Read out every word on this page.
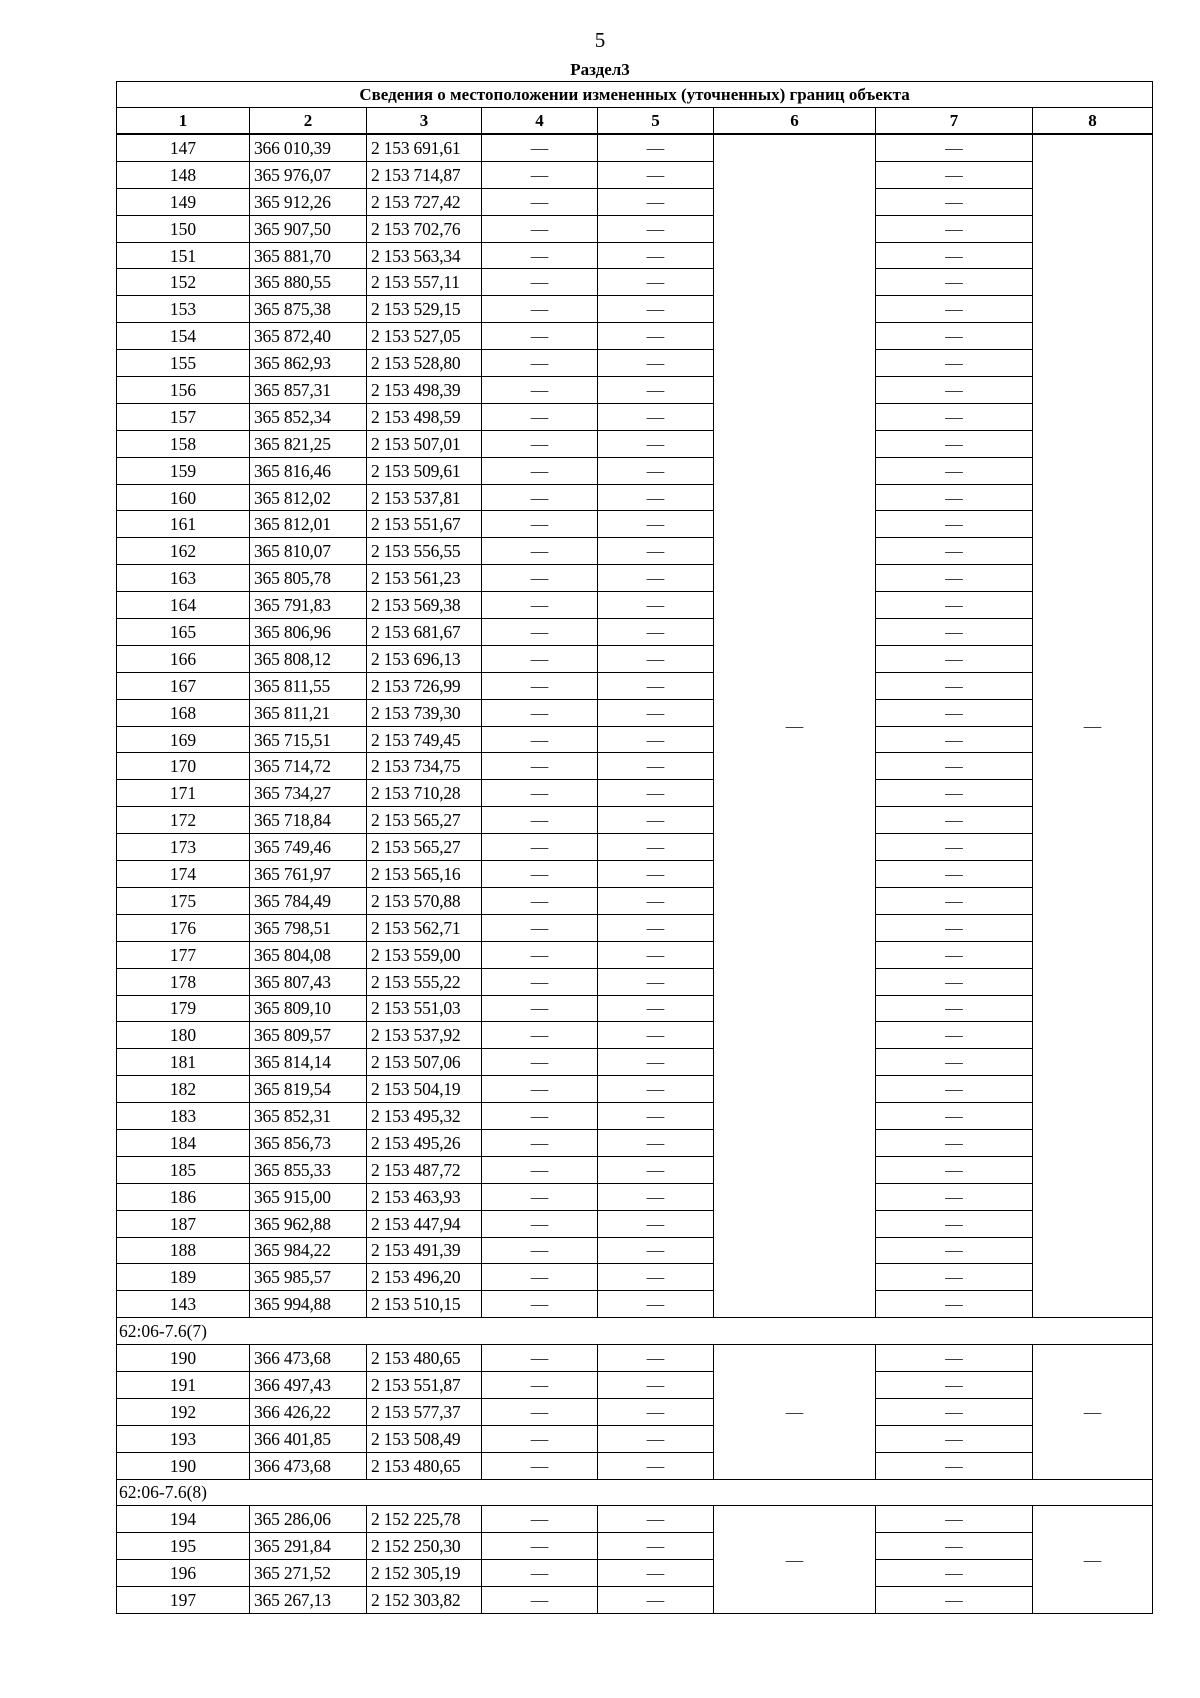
5
Раздел3
Сведения о местоположении измененных (уточненных) границ объекта							
1	2	3	4	5	6	7	8
147	366 010,39	2 153 691,61	—	—	—	—	—
148	365 976,07	2 153 714,87	—	—		—	
149	365 912,26	2 153 727,42	—	—		—	
150	365 907,50	2 153 702,76	—	—		—	
151	365 881,70	2 153 563,34	—	—		—	
152	365 880,55	2 153 557,11	—	—		—	
153	365 875,38	2 153 529,15	—	—		—	
154	365 872,40	2 153 527,05	—	—		—	
155	365 862,93	2 153 528,80	—	—		—	
156	365 857,31	2 153 498,39	—	—		—	
157	365 852,34	2 153 498,59	—	—		—	
158	365 821,25	2 153 507,01	—	—		—	
159	365 816,46	2 153 509,61	—	—		—	
160	365 812,02	2 153 537,81	—	—		—	
161	365 812,01	2 153 551,67	—	—		—	
162	365 810,07	2 153 556,55	—	—		—	
163	365 805,78	2 153 561,23	—	—		—	
164	365 791,83	2 153 569,38	—	—		—	
165	365 806,96	2 153 681,67	—	—		—	
166	365 808,12	2 153 696,13	—	—		—	
167	365 811,55	2 153 726,99	—	—		—	
168	365 811,21	2 153 739,30	—	—		—	
169	365 715,51	2 153 749,45	—	—		—	
170	365 714,72	2 153 734,75	—	—		—	
171	365 734,27	2 153 710,28	—	—		—	
172	365 718,84	2 153 565,27	—	—		—	
173	365 749,46	2 153 565,27	—	—		—	
174	365 761,97	2 153 565,16	—	—		—	
175	365 784,49	2 153 570,88	—	—		—	
176	365 798,51	2 153 562,71	—	—		—	
177	365 804,08	2 153 559,00	—	—		—	
178	365 807,43	2 153 555,22	—	—		—	
179	365 809,10	2 153 551,03	—	—		—	
180	365 809,57	2 153 537,92	—	—		—	
181	365 814,14	2 153 507,06	—	—		—	
182	365 819,54	2 153 504,19	—	—		—	
183	365 852,31	2 153 495,32	—	—		—	
184	365 856,73	2 153 495,26	—	—		—	
185	365 855,33	2 153 487,72	—	—		—	
186	365 915,00	2 153 463,93	—	—		—	
187	365 962,88	2 153 447,94	—	—		—	
188	365 984,22	2 153 491,39	—	—		—	
189	365 985,57	2 153 496,20	—	—		—	
143	365 994,88	2 153 510,15	—	—		—	
62:06-7.6(7)							
190	366 473,68	2 153 480,65	—	—	—	—	—
191	366 497,43	2 153 551,87	—	—		—	
192	366 426,22	2 153 577,37	—	—		—	
193	366 401,85	2 153 508,49	—	—		—	
190	366 473,68	2 153 480,65	—	—		—	
62:06-7.6(8)							
194	365 286,06	2 152 225,78	—	—	—	—	—
195	365 291,84	2 152 250,30	—	—		—	
196	365 271,52	2 152 305,19	—	—		—	
197	365 267,13	2 152 303,82	—	—		—	
